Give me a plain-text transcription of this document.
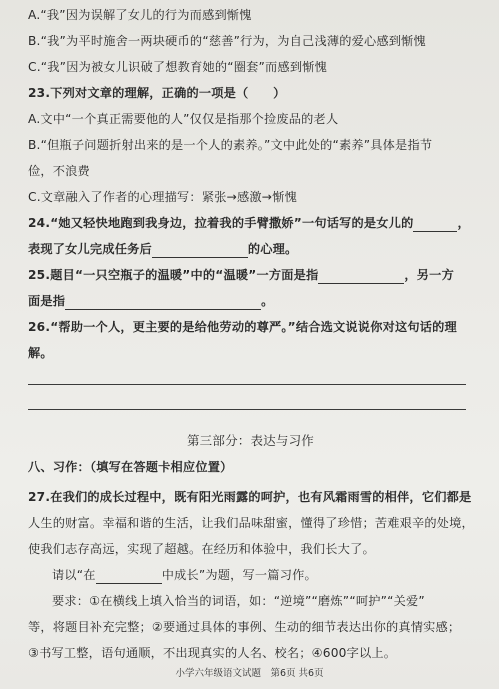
A.“我”因为误解了女儿的行为而感到惭愧
B.“我”为平时施舍一两块硬币的“慈善”行为，为自己浅薄的爱心感到惭愧
C.“我”因为被女儿识破了想教育她的“圈套”而感到惭愧
23.下列对文章的理解，正确的一项是（　　）
A.文中“一个真正需要他的人”仅仅是指那个捡废品的老人
B.“但瓶子问题折射出来的是一个人的素养。”文中此处的“素养”具体是指节
俭，不浪费
C.文章融入了作者的心理描写：紧张→感激→惭愧
24.“她又轻快地跑到我身边，拉着我的手臂撒娇”一句话写的是女儿的	，
表现了女儿完成任务后	的心理。
25.题目“一只空瓶子的温暖”中的“温暖”一方面是指	，另一方
面是指	。
26.“帮助一个人，更主要的是给他劳动的尊严。”结合选文说说你对这句话的理
解。
第三部分：表达与习作
八、习作：（填写在答题卡相应位置）
27.在我们的成长过程中，既有阳光雨露的呵护，也有风霜雨雪的相伴，它们都是
人生的财富。幸福和谐的生活，让我们品味甜蜜，懂得了珍惜；苦难艰辛的处境，
使我们志存高远，实现了超越。在经历和体验中，我们长大了。
请以“在	中成长”为题，写一篇习作。
要求：①在横线上填入恰当的词语，如：“逆境”“磨炼”“呵护”“关爱”
等，将题目补充完整；②要通过具体的事例、生动的细节表达出你的真情实感；
③书写工整，语句通顺，不出现真实的人名、校名；④600字以上。
小学六年级语文试题　第6页 共6页
